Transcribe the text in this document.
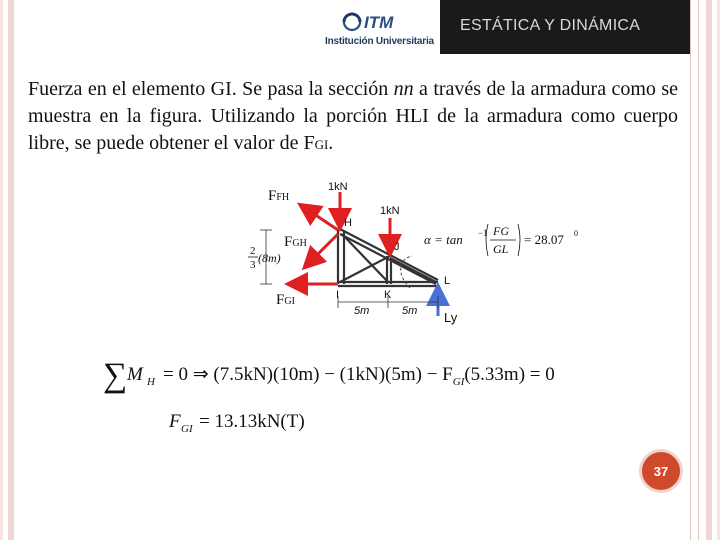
ITM
Institución Universitaria
ESTÁTICA Y DINÁMICA
Fuerza en el elemento GI. Se pasa la sección nn a través de la armadura como se muestra en la figura. Utilizando la porción HLI de la armadura como cuerpo libre, se puede obtener el valor de FGI.
FFH
FGH
FGI
2
3 (8m)
1kN
1kN
H
J
I	K
L
Ly
5m	5m
α = tan −1 FG
GL
= 28.07 0
∑ M H = 0 ⇒ $(7.5kN)(10m) - (1kN)(5m) - F_{GI}(5.33m) = 0$
F GI = 13.13kN(T)
37
